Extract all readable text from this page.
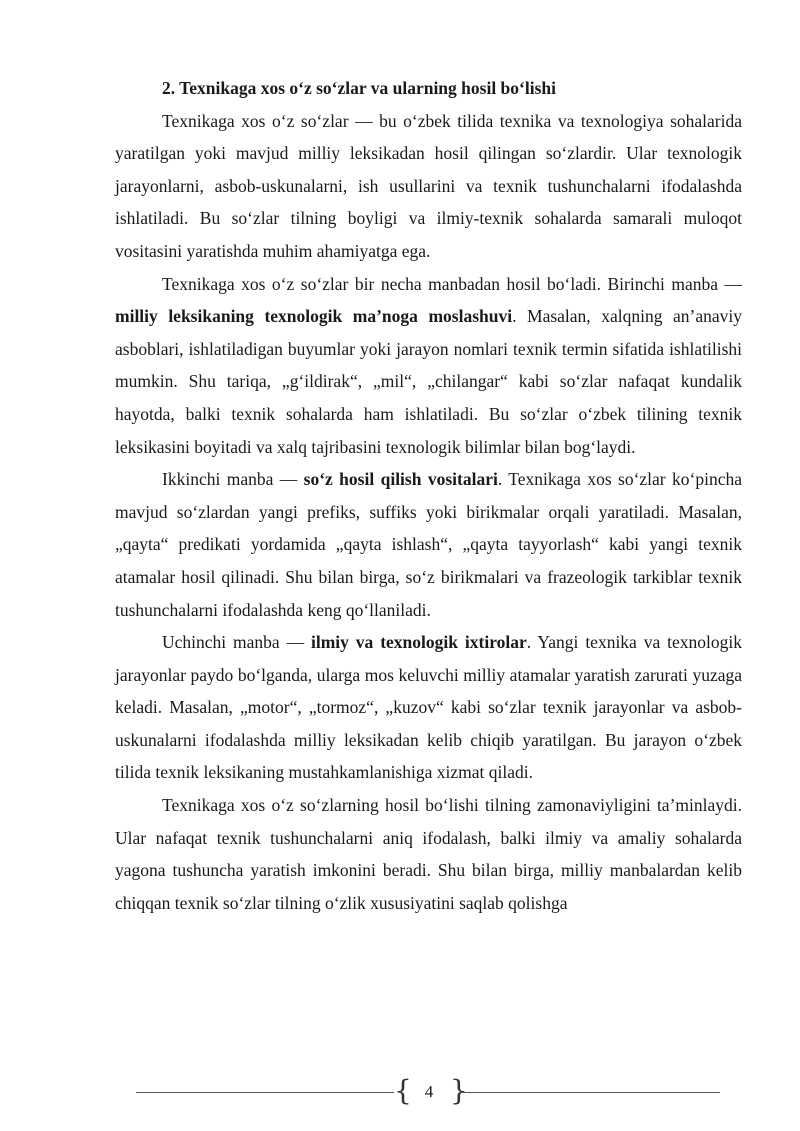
2. Texnikaga xos o‘z so‘zlar va ularning hosil bo‘lishi

Texnikaga xos o‘z so‘zlar — bu o‘zbek tilida texnika va texnologiya sohalarida yaratilgan yoki mavjud milliy leksikadan hosil qilingan so‘zlardir. Ular texnologik jarayonlarni, asbob-uskunalarni, ish usullarini va texnik tushunchalarni ifodalashda ishlatiladi. Bu so‘zlar tilning boyligi va ilmiy-texnik sohalarda samarali muloqot vositasini yaratishda muhim ahamiyatga ega.

Texnikaga xos o‘z so‘zlar bir necha manbadan hosil bo‘ladi. Birinchi manba — milliy leksikaning texnologik ma’noga moslashuvi. Masalan, xalqning an’anaviy asboblari, ishlatiladigan buyumlar yoki jarayon nomlari texnik termin sifatida ishlatilishi mumkin. Shu tariqa, „g‘ildirak“, „mil“, „chilangar“ kabi so‘zlar nafaqat kundalik hayotda, balki texnik sohalarda ham ishlatiladi. Bu so‘zlar o‘zbek tilining texnik leksikasini boyitadi va xalq tajribasini texnologik bilimlar bilan bog‘laydi.

Ikkinchi manba — so‘z hosil qilish vositalari. Texnikaga xos so‘zlar ko‘pincha mavjud so‘zlardan yangi prefiks, suffiks yoki birikmalar orqali yaratiladi. Masalan, „qayta“ predikati yordamida „qayta ishlash“, „qayta tayyorlash“ kabi yangi texnik atamalar hosil qilinadi. Shu bilan birga, so‘z birikmalari va frazeologik tarkiblar texnik tushunchalarni ifodalashda keng qo‘llaniladi.

Uchinchi manba — ilmiy va texnologik ixtirolar. Yangi texnika va texnologik jarayonlar paydo bo‘lganda, ularga mos keluvchi milliy atamalar yaratish zarurati yuzaga keladi. Masalan, „motor“, „tormoz“, „kuzov“ kabi so‘zlar texnik jarayonlar va asbob-uskunalarni ifodalashda milliy leksikadan kelib chiqib yaratilgan. Bu jarayon o‘zbek tilida texnik leksikaning mustahkamlanishiga xizmat qiladi.

Texnikaga xos o‘z so‘zlarning hosil bo‘lishi tilning zamonaviyligini ta’minlaydi. Ular nafaqat texnik tushunchalarni aniq ifodalash, balki ilmiy va amaliy sohalarda yagona tushuncha yaratish imkonini beradi. Shu bilan birga, milliy manbalardan kelib chiqqan texnik so‘zlar tilning o‘zlik xususiyatini saqlab qolishga

{ 4 }
